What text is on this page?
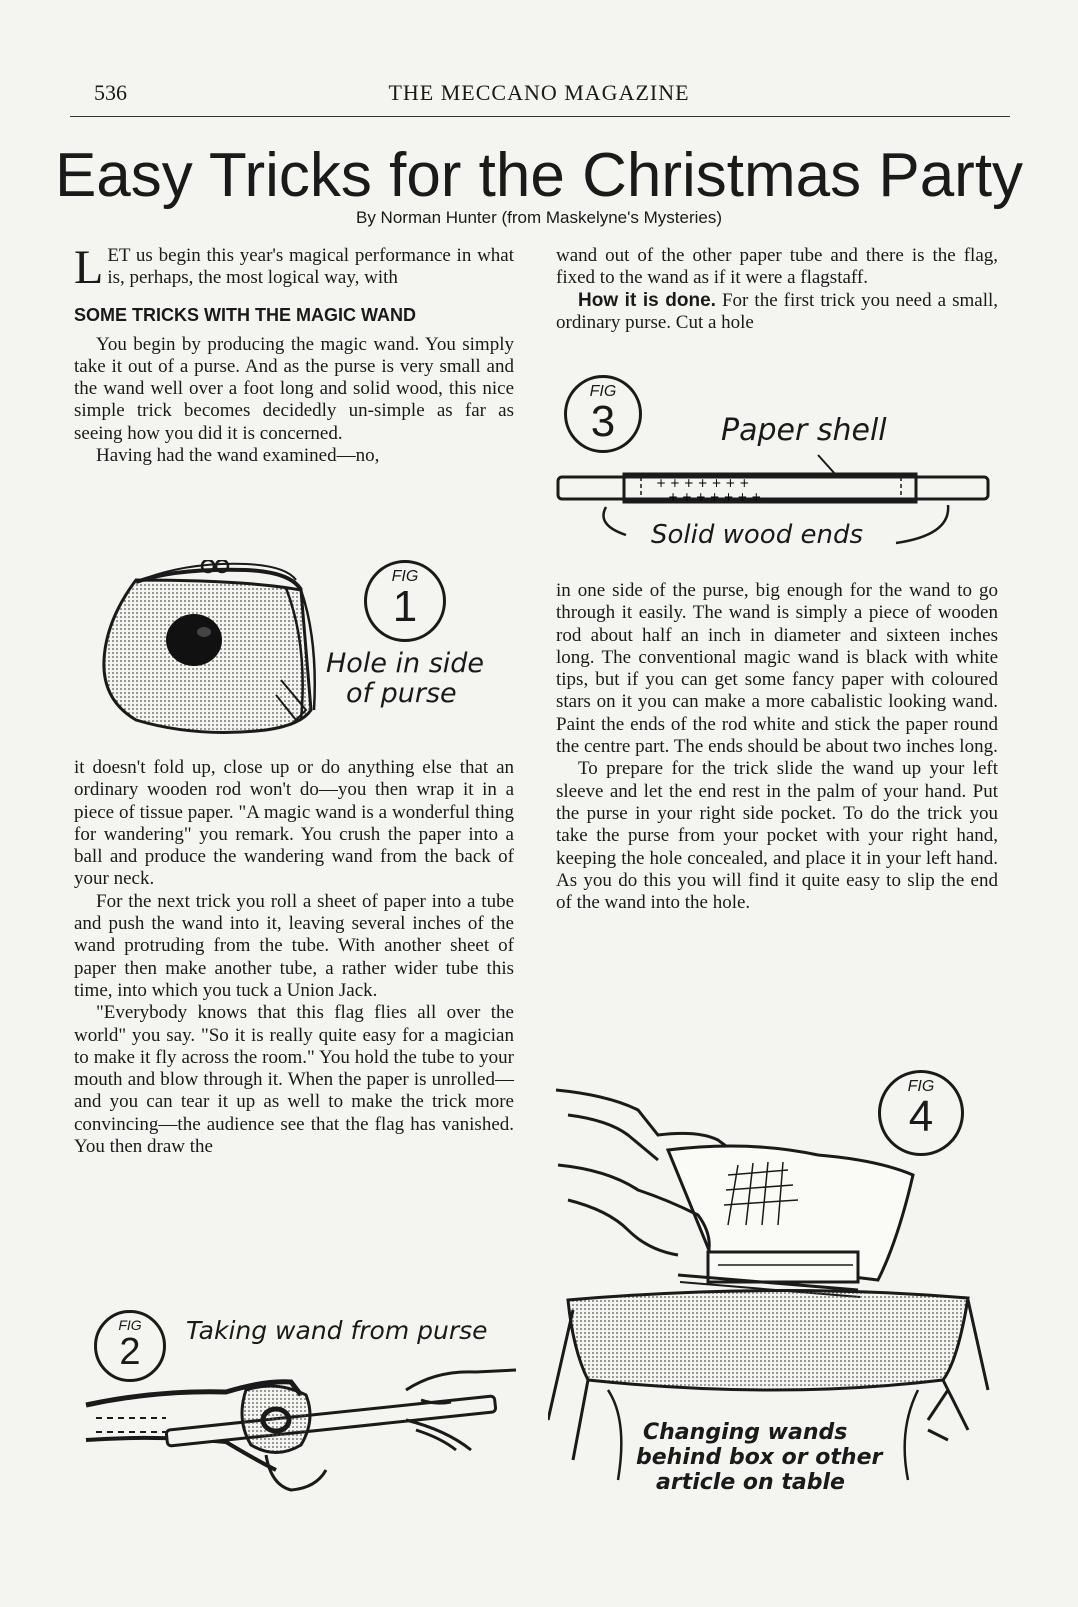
536	THE MECCANO MAGAZINE
Easy Tricks for the Christmas Party
By Norman Hunter (from Maskelyne's Mysteries)

LET us begin this year's magical performance in what is, perhaps, the most logical way, with

SOME TRICKS WITH THE MAGIC WAND

You begin by producing the magic wand. You simply take it out of a purse. And as the purse is very small and the wand well over a foot long and solid wood, this nice simple trick becomes decidedly un-simple as far as seeing how you did it is concerned.

Having had the wand examined—no,

FIG
1
Hole in side
of purse

it doesn't fold up, close up or do anything else that an ordinary wooden rod won't do—you then wrap it in a piece of tissue paper. "A magic wand is a wonderful thing for wandering" you remark. You crush the paper into a ball and produce the wandering wand from the back of your neck.

For the next trick you roll a sheet of paper into a tube and push the wand into it, leaving several inches of the wand protruding from the tube. With another sheet of paper then make another tube, a rather wider tube this time, into which you tuck a Union Jack.

"Everybody knows that this flag flies all over the world" you say. "So it is really quite easy for a magician to make it fly across the room." You hold the tube to your mouth and blow through it. When the paper is unrolled—and you can tear it up as well to make the trick more convincing—the audience see that the flag has vanished. You then draw the

FIG
2
Taking wand from purse

wand out of the other paper tube and there is the flag, fixed to the wand as if it were a flagstaff.

How it is done. For the first trick you need a small, ordinary purse. Cut a hole

FIG
3	Paper shell
+ + + + + + +
+ + + + + + +
Solid wood ends

in one side of the purse, big enough for the wand to go through it easily. The wand is simply a piece of wooden rod about half an inch in diameter and sixteen inches long. The conventional magic wand is black with white tips, but if you can get some fancy paper with coloured stars on it you can make a more cabalistic looking wand. Paint the ends of the rod white and stick the paper round the centre part. The ends should be about two inches long.

To prepare for the trick slide the wand up your left sleeve and let the end rest in the palm of your hand. Put the purse in your right side pocket. To do the trick you take the purse from your pocket with your right hand, keeping the hole concealed, and place it in your left hand. As you do this you will find it quite easy to slip the end of the wand into the hole.

FIG
4
Changing wands
behind box or other
article on table
